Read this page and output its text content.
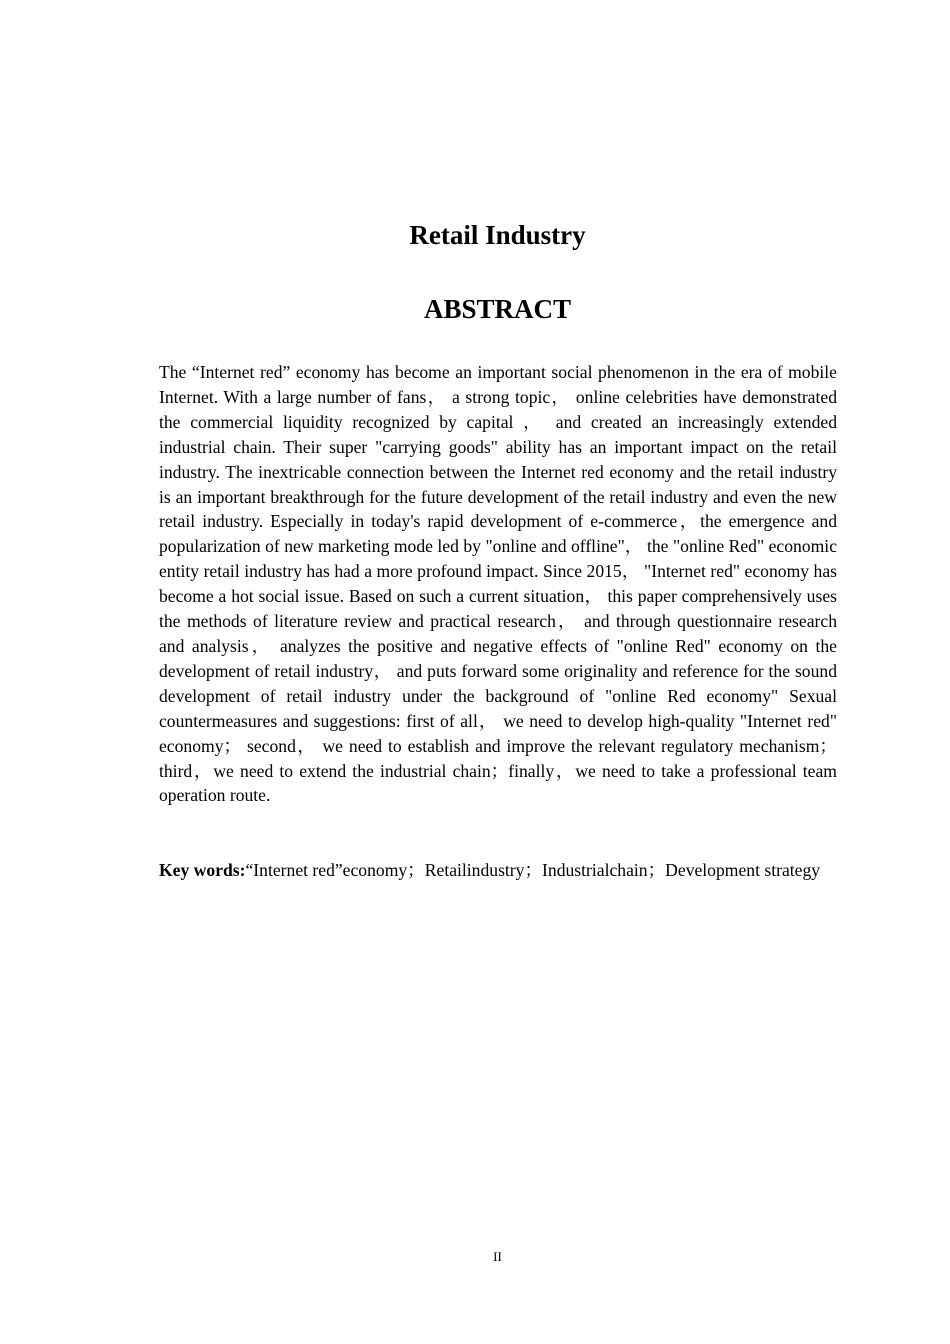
Retail Industry
ABSTRACT

The “Internet red” economy has become an important social phenomenon in the era of mobile Internet. With a large number of fans， a strong topic， online celebrities have demonstrated the commercial liquidity recognized by capital ， and created an increasingly extended industrial chain. Their super "carrying goods" ability has an important impact on the retail industry. The inextricable connection between the Internet red economy and the retail industry is an important breakthrough for the future development of the retail industry and even the new retail industry. Especially in today's rapid development of e-commerce，the emergence and popularization of new marketing mode led by "online and offline"， the "online Red" economic entity retail industry has had a more profound impact. Since 2015， "Internet red" economy has become a hot social issue. Based on such a current situation， this paper comprehensively uses the methods of literature review and practical research， and through questionnaire research and analysis， analyzes the positive and negative effects of "online Red" economy on the development of retail industry， and puts forward some originality and reference for the sound development of retail industry under the background of "online Red economy" Sexual countermeasures and suggestions: first of all， we need to develop high-quality "Internet red" economy； second， we need to establish and improve the relevant regulatory mechanism；third，we need to extend the industrial chain；finally，we need to take a professional team operation route.

Key words:“Internet red”economy；Retailindustry；Industrialchain；Development strategy

II
